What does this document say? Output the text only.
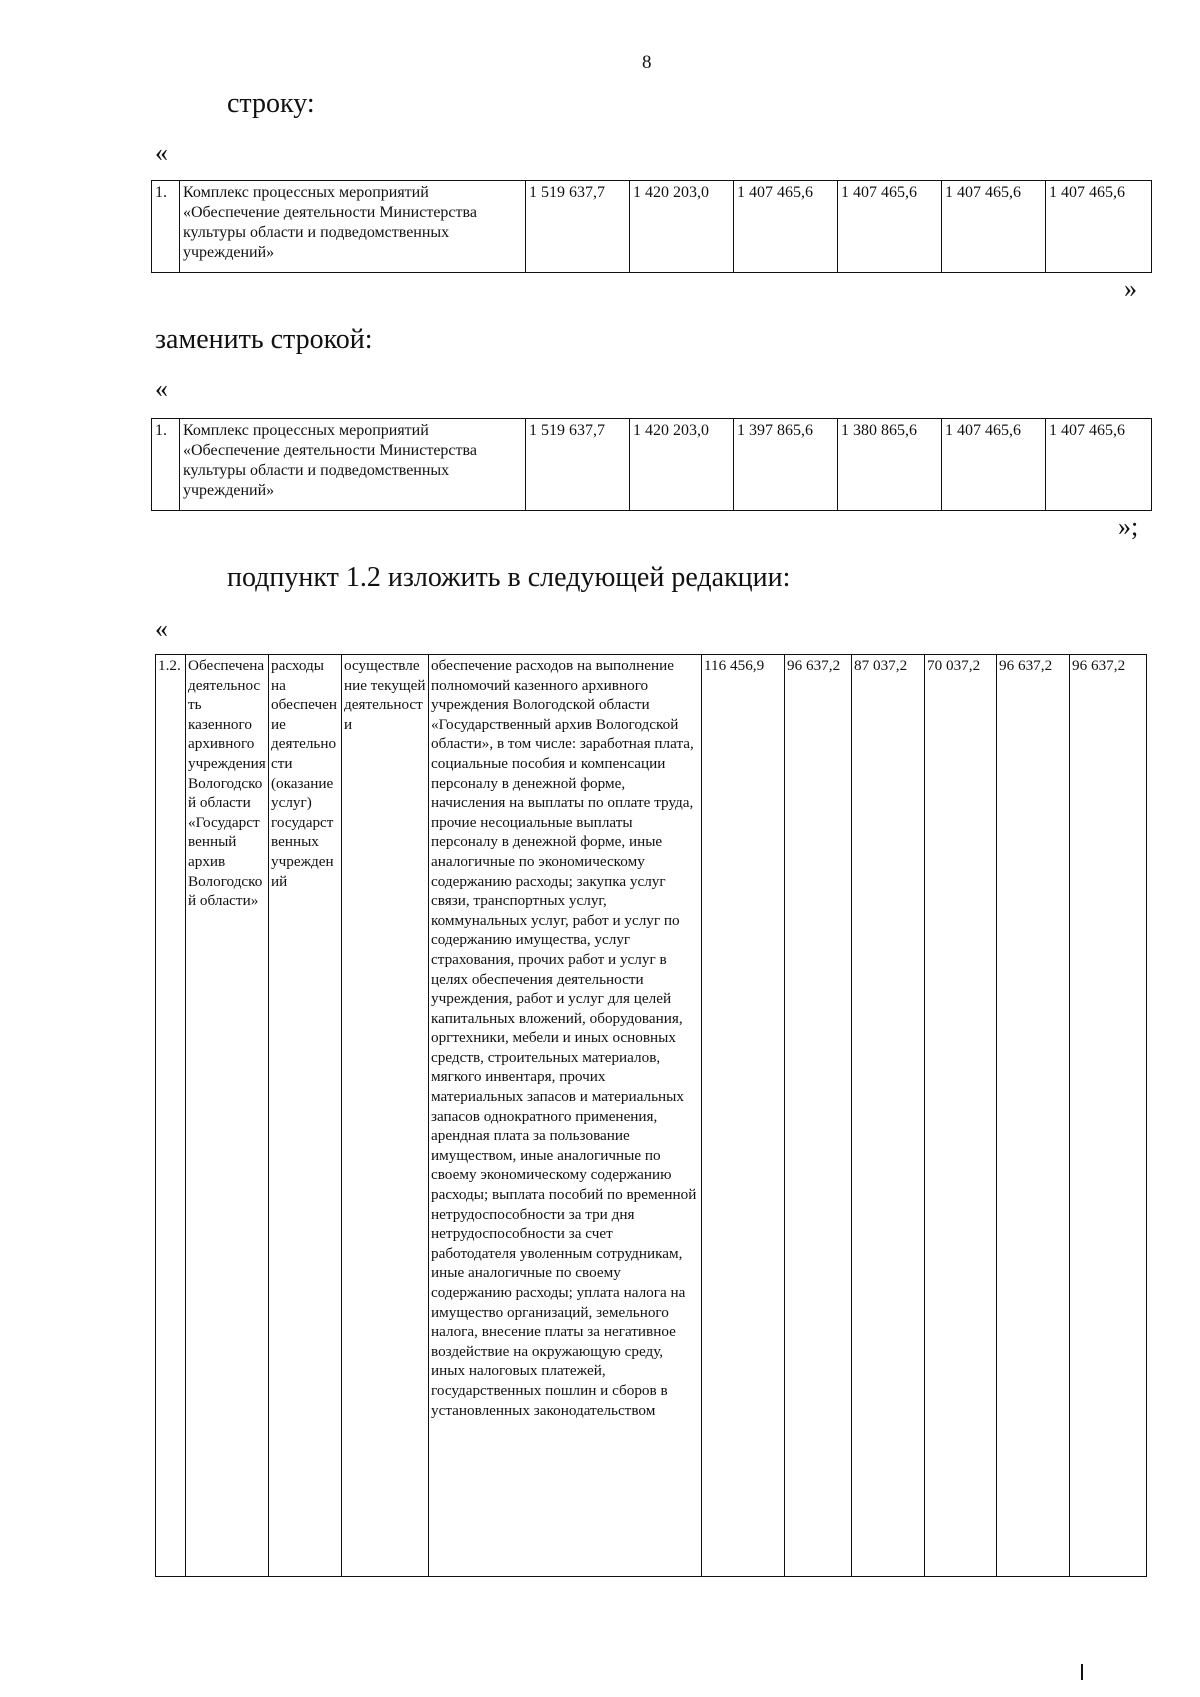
8
строку:
«
1.	Комплекс процессных мероприятий «Обеспечение деятельности Министерства культуры области и подведомственных учреждений»	1 519 637,7	1 420 203,0	1 407 465,6	1 407 465,6	1 407 465,6	1 407 465,6
»
заменить строкой:
«
1.	Комплекс процессных мероприятий «Обеспечение деятельности Министерства культуры области и подведомственных учреждений»	1 519 637,7	1 420 203,0	1 397 865,6	1 380 865,6	1 407 465,6	1 407 465,6
»;
подпункт 1.2 изложить в следующей редакции:
«
1.2.	Обеспечена деятельность казенного архивного учреждения Вологодской области «Государственный архив Вологодской области»	расходы на обеспечение деятельности (оказание услуг) государственных учреждений	осуществление текущей деятельности	обеспечение расходов на выполнение полномочий казенного архивного учреждения Вологодской области «Государственный архив Вологодской области», в том числе: заработная плата, социальные пособия и компенсации персоналу в денежной форме, начисления на выплаты по оплате труда, прочие несоциальные выплаты персоналу в денежной форме, иные аналогичные по экономическому содержанию расходы; закупка услуг связи, транспортных услуг, коммунальных услуг, работ и услуг по содержанию имущества, услуг страхования, прочих работ и услуг в целях обеспечения деятельности учреждения, работ и услуг для целей капитальных вложений, оборудования, оргтехники, мебели и иных основных средств, строительных материалов, мягкого инвентаря, прочих материальных запасов и материальных запасов однократного применения, арендная плата за пользование имуществом, иные аналогичные по своему экономическому содержанию расходы; выплата пособий по временной нетрудоспособности за три дня нетрудоспособности за счет работодателя уволенным сотрудникам, иные аналогичные по своему содержанию расходы; уплата налога на имущество организаций, земельного налога, внесение платы за негативное воздействие на окружающую среду, иных налоговых платежей, государственных пошлин и сборов в установленных законодательством	116 456,9	96 637,2	87 037,2	70 037,2	96 637,2	96 637,2
